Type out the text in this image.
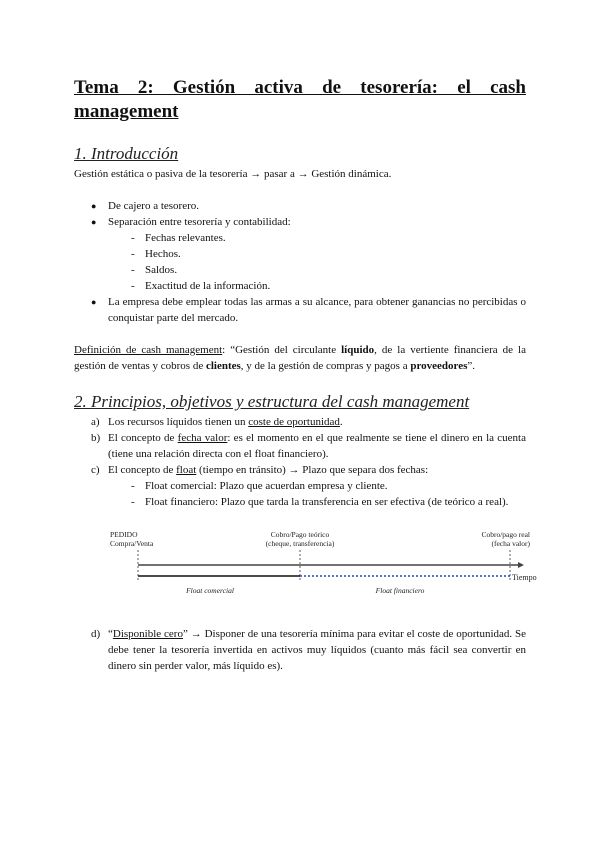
Tema 2: Gestión activa de tesorería: el cash management
1. Introducción
Gestión estática o pasiva de la tesorería → pasar a → Gestión dinámica.
● De cajero a tesorero.
● Separación entre tesorería y contabilidad:
- Fechas relevantes.
- Hechos.
- Saldos.
- Exactitud de la información.
● La empresa debe emplear todas las armas a su alcance, para obtener ganancias no percibidas o conquistar parte del mercado.
Definición de cash management: “Gestión del circulante líquido, de la vertiente financiera de la gestión de ventas y cobros de clientes, y de la gestión de compras y pagos a proveedores”.
2. Principios, objetivos y estructura del cash management
a) Los recursos líquidos tienen un coste de oportunidad.
b) El concepto de fecha valor: es el momento en el que realmente se tiene el dinero en la cuenta (tiene una relación directa con el float financiero).
c) El concepto de float (tiempo en tránsito) → Plazo que separa dos fechas:
- Float comercial: Plazo que acuerdan empresa y cliente.
- Float financiero: Plazo que tarda la transferencia en ser efectiva (de teórico a real).
PEDIDO
Compra/Venta
Cobro/Pago teórico
(cheque, transferencia)
Cobro/pago real
(fecha valor)
Tiempo
Float comercial	Float financiero
d) “Disponible cero” → Disponer de una tesorería mínima para evitar el coste de oportunidad. Se debe tener la tesorería invertida en activos muy líquidos (cuanto más fácil sea convertir en dinero sin perder valor, más líquido es).
